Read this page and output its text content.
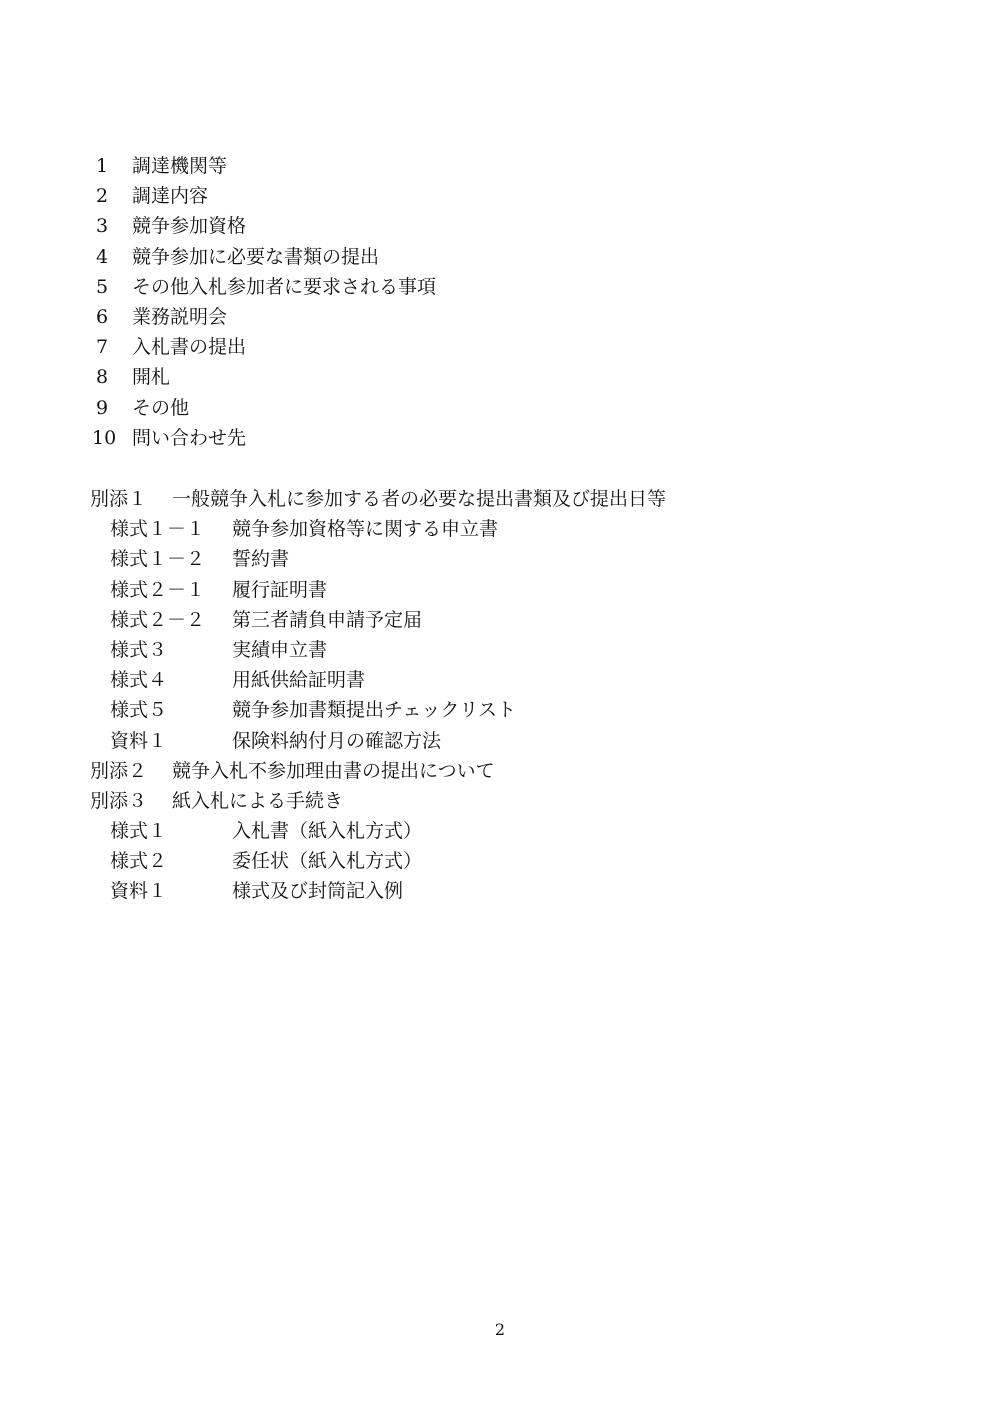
1 調達機関等
2 調達内容
3 競争参加資格
4 競争参加に必要な書類の提出
5 その他入札参加者に要求される事項
6 業務説明会
7 入札書の提出
8 開札
9 その他
10 問い合わせ先
別添１ 一般競争入札に参加する者の必要な提出書類及び提出日等
様式１－１ 競争参加資格等に関する申立書
様式１－２ 誓約書
様式２－１ 履行証明書
様式２－２ 第三者請負申請予定届
様式３	実績申立書
様式４	用紙供給証明書
様式５	競争参加書類提出チェックリスト
資料１	保険料納付月の確認方法
別添２ 競争入札不参加理由書の提出について
別添３ 紙入札による手続き
様式１	入札書（紙入札方式）
様式２	委任状（紙入札方式）
資料１	様式及び封筒記入例
2
